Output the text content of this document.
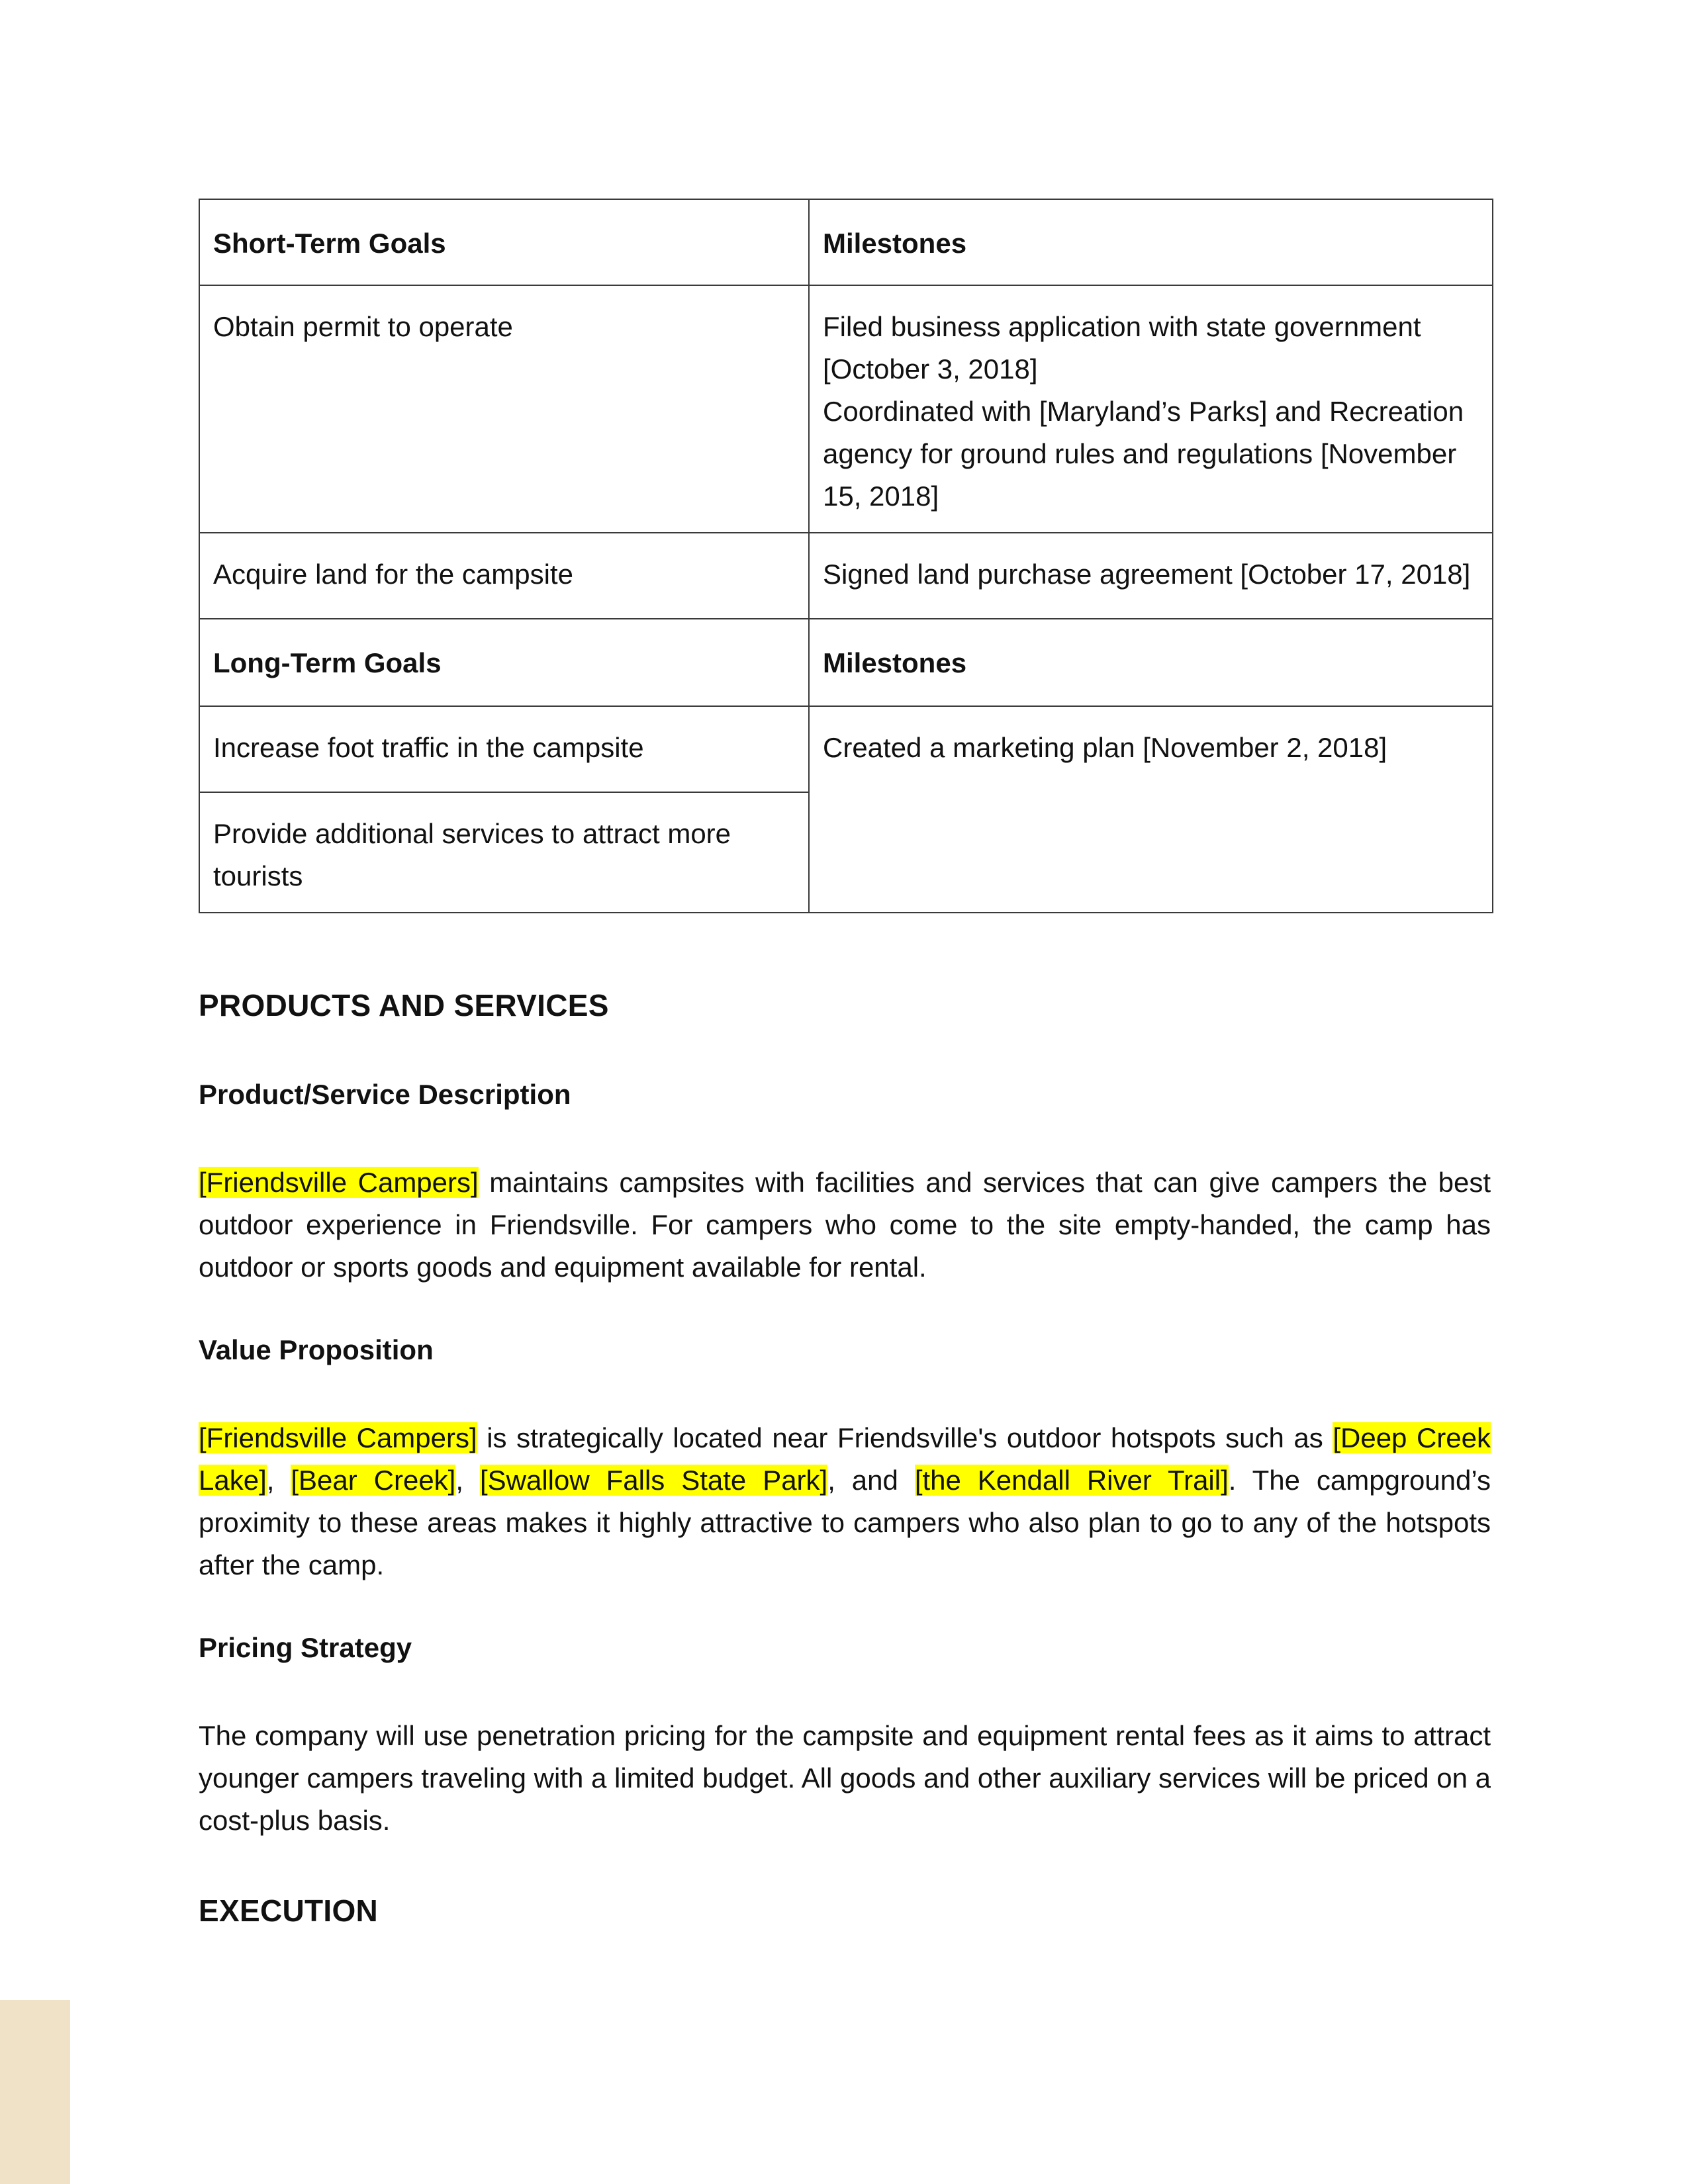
Short-Term Goals	Milestones
Obtain permit to operate	Filed business application with state government [October 3, 2018]
Coordinated with [Maryland’s Parks] and Recreation agency for ground rules and regulations [November 15, 2018]

Acquire land for the campsite	Signed land purchase agreement [October 17, 2018]
Long-Term Goals	Milestones
Increase foot traffic in the campsite	Created a marketing plan [November 2, 2018]
Provide additional services to attract more tourists	
PRODUCTS AND SERVICES
Product/Service Description

[Friendsville Campers] maintains campsites with facilities and services that can give campers the best outdoor experience in Friendsville. For campers who come to the site empty-handed, the camp has outdoor or sports goods and equipment available for rental.

Value Proposition

[Friendsville Campers] is strategically located near Friendsville's outdoor hotspots such as [Deep Creek Lake], [Bear Creek], [Swallow Falls State Park], and [the Kendall River Trail]. The campground’s proximity to these areas makes it highly attractive to campers who also plan to go to any of the hotspots after the camp.

Pricing Strategy

The company will use penetration pricing for the campsite and equipment rental fees as it aims to attract younger campers traveling with a limited budget. All goods and other auxiliary services will be priced on a cost-plus basis.

EXECUTION
